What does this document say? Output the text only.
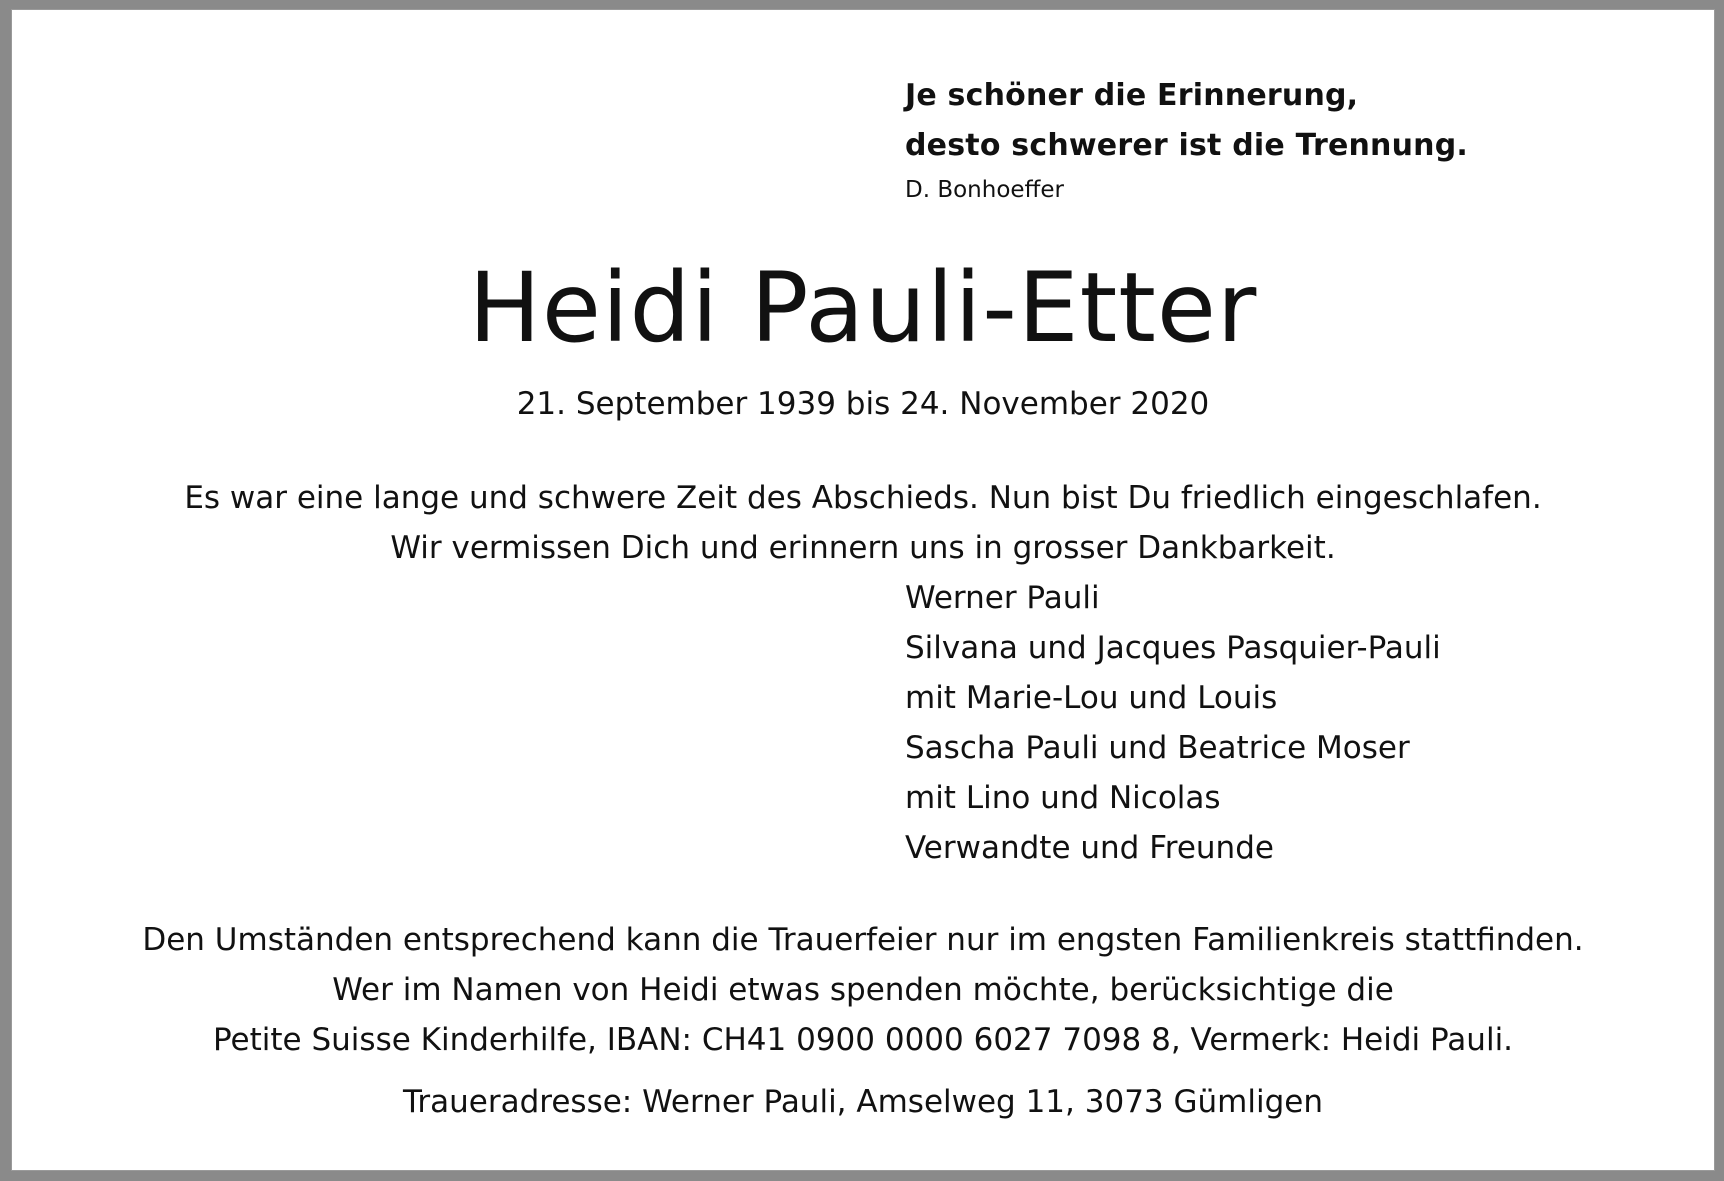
Je schöner die Erinnerung,
desto schwerer ist die Trennung.
D. Bonhoeffer
Heidi Pauli-Etter
21. September 1939 bis 24. November 2020
Es war eine lange und schwere Zeit des Abschieds. Nun bist Du friedlich eingeschlafen.
Wir vermissen Dich und erinnern uns in grosser Dankbarkeit.
Werner Pauli
Silvana und Jacques Pasquier-Pauli
mit Marie-Lou und Louis
Sascha Pauli und Beatrice Moser
mit Lino und Nicolas
Verwandte und Freunde
Den Umständen entsprechend kann die Trauerfeier nur im engsten Familienkreis stattfinden.
Wer im Namen von Heidi etwas spenden möchte, berücksichtige die
Petite Suisse Kinderhilfe, IBAN: CH41 0900 0000 6027 7098 8, Vermerk: Heidi Pauli.
Traueradresse: Werner Pauli, Amselweg 11, 3073 Gümligen
